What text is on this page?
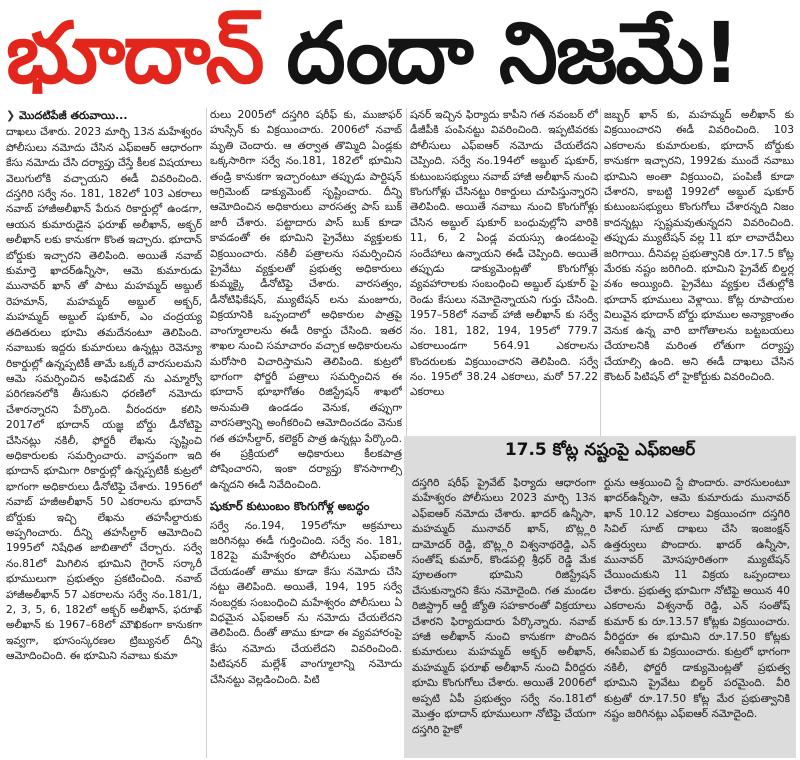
భూదాన్ దందా నిజమే!
❯ మొదటిపేజీ తరువాయి...

దాఖలు చేశారు. 2023 మార్చి 13న మహేశ్వరం పోలీసులు నమోదు చేసిన ఎఫ్ఐఆర్ ఆధారంగా కేసు నమోదు చేసి దర్యాప్తు చేస్తే కీలక విషయాలు వెలుగులోకి వచ్చాయని ఈడీ వివరించింది. దస్తగిరి సర్వే నం. 181, 182లో 103 ఎకరాలు నవాబ్ హాజీఅలీఖాన్ పేరున రికార్డుల్లో ఉండగా, ఆయన కుమారుడైన ఫరూఖ్ అలీఖాన్, అక్బర్ అలీఖాన్ లకు కానుకగా కొంత ఇచ్చారు. భూదాన్ బోర్డుకు ఇచ్చారని తెలిపింది. అయితే నవాబ్ కుమార్తె ఖాదర్ఉన్నీసా, ఆమె కుమారుడు మునావర్ ఖాన్ తో పాటు మహమ్మద్ అబ్దుల్ రెహమాన్, మహమ్మద్ అబ్దుల్ అక్బర్, మహమ్మద్ అబ్దుల్ షుకూర్, ఎం చంద్రయ్య తదితరులు భూమి తమదేనంటూ తెలిపింది. నవాబుకు ఇద్దరు కుమారులు ఉన్నట్లు రెవెన్యూ రికార్డుల్లో ఉన్నప్పటికీ తామే ఒక్కరే వారసులమని ఆమె సమర్పించిన అఫిడవిట్ ను ఎమ్మార్వో పరిగణనలోకి తీసుకుని ధరణిలో నమోదు చేశారన్నారని పేర్కొంది. వీరందరూ కలిసి 2017లో భూదాన్ యజ్ఞ బోర్డు డీనోటిఫై చేసినట్లు నకిలీ, ఫోర్జరీ లేఖను సృష్టించి అధికారులకు సమర్పించారు. వాస్తవంగా ఇది భూదాన్ భూమిగా రికార్డుల్లో ఉన్నప్పటికీ కుట్రలో భాగంగా అధికారులు డీనోటిఫై చేశారు. 1956లో నవాబ్ హజీఅలీఖాన్ 50 ఎకరాలను భూదాన్ బోర్డుకు ఇచ్చి లేఖను తహసీల్దారుకు అప్పగించారు. దీన్ని తహసీల్దార్ ఆమోదించి 1995లో నిషేధిత జాబితాలో చేర్చారు. సర్వే నం.81లో మిగిలిన భూమిని గైరాన్ సర్కారీ భూములుగా ప్రభుత్వం ప్రకటించింది. నవాబ్ హాజీఅలీఖాన్ 57 ఎకరాలను సర్వే నం.181/1, 2, 3, 5, 6, 182లో అక్బర్ అలీఖాన్, ఫరూఖ్ అలీఖాన్ కు 1967–68లో మౌఖికంగా కానుకగా ఇవ్వగా, భూసంస్కరణల ట్రిబ్యునల్ దీన్ని ఆమోదించింది. ఈ భూమిని నవాబు కుమా

రులు 2005లో దస్తగిరి షరీఫ్ కు, ముజాఫర్ హుస్సేన్ కు విక్రయించారు. 2006లో నవాబ్ మృతి చెందారు. ఆ తర్వాత తొమ్మిది ఏండ్లకు ఒక్కసారిగా సర్వే నం.181, 182లో భూమిని తండ్రి కానుకగా ఇచ్చారంటూ తప్పుడు పార్టిషన్ అగ్రిమెంట్ డాక్యుమెంట్ సృష్టించారు. దీన్ని ఆమోదించిన అధికారులు వారసత్వ పాస్ బుక్ జారీ చేశారు. పట్టాదారు పాస్ బుక్ కూడా కావడంతో ఈ భూమిని ప్రైవేటు వ్యక్తులకు విక్రయించారు. నకిలీ పత్రాలను సమర్పించిన ప్రైవేటు వ్యక్తులతో ప్రభుత్వ అధికారులు కుమ్మక్కై డీనోటిఫై చేశారు. వారసత్వం, డీనోటిఫికేషన్, మ్యుటేషన్ లను మంజూరు, విక్రయానికి ఒప్పందాలో అధికారుల పాత్రపై వాంగ్మూలాలను ఈడీ రికార్డు చేసింది. ఇతర శాఖల నుంచి సమాచారం వచ్చాక అధికారులను మరోసారి విచారిస్తామని తెలిపింది. కుట్రలో భాగంగా ఫోర్జరీ పత్రాలు సమర్పించిన ఈ భూదాన్ భూభాగోతం రిజిస్ట్రేషన్ శాఖలో అనుమతి ఉండడం వెనుక, తప్పుగా వారసత్వాన్ని అంగీకరించి ఆమోదించడం వెనుక గత తహసీల్దార్, కలెక్టర్ పాత్ర ఉన్నట్లు పేర్కొంది. ఈ ప్రక్రియలో అధికారులు కీలకపాత్ర పోషించారని, ఇంకా దర్యాప్తు కొనసాగాల్సి ఉన్నదని ఈడీ నివేదించింది.

షుకూర్ కుటుంబం కొంగుగోళ్ల అబద్ధం

సర్వే నం.194, 195లోనూ అక్రమాలు జరిగినట్లు ఈడీ గుర్తించింది. సర్వే నం. 181, 182పై మహేశ్వరం పోలీసులు ఎఫ్ఐఆర్ చేయడంతో తాము కూడా కేసు నమోదు చేసి నట్టు తెలిపింది. అయితే, 194, 195 సర్వే నంబర్లకు సంబంధించి మహేశ్వరం పోలీసులు ఏ విధమైన ఎఫ్ఐఆర్ ను నమోదు చేయలేదని తెలిపింది. దీంతో తాము కూడా ఈ వ్యవహారంపై కేసు నమోదు చేయలేదని వివరించింది. పిటిషనర్ మల్లేశ్ వాంగ్మూలాన్ని నమోదు చేసినట్టు వెల్లడించింది. పిటి

షనర్ ఇచ్చిన ఫిర్యాదు కాపీని గత నవంబర్ లో డీజీపీకి పంపినట్టు వివరించింది. ఇప్పటివరకు పోలీసులు ఎఫ్ఐఆర్ నమోదు చేయలేదని చెప్పింది. సర్వే నం.194లో అబ్దుల్ షుకూర్, కుటుంబసభ్యులు నవాబ్ హాజీ అలీఖాన్ నుంచి కొంగుగోళ్లు చేసినట్టు రికార్డులు చూపిస్తున్నారని తెలిపింది. అయితే నవాబు నుంచి కొంగుగోళ్లు చేసిన అబ్దుల్ షుకూర్ బంధువుల్లోని వారికి 11, 6, 2 ఏండ్ల వయస్సు ఉండటంపై సందేహాలు ఉన్నాయని ఈడీ చెప్పింది. అయితే తప్పుడు డాక్యుమెంట్లతో కొంగుగోళ్లు వ్యవహారాలకు సంబంధించి అబ్దుల్ షుకూర్ పై రెండు కేసులు నమోదైన్నాయని గుర్తు చేసింది. 1957–58లో నవాబ్ హాజీ అలీఖాన్ కు సర్వే నం. 181, 182, 194, 195లో 779.7 ఎకరాలుండగా 564.91 ఎకరాలను కొందరులకు విక్రయించారని తెలిపింది. సర్వే నం. 195లో 38.24 ఎకరాలు, మరో 57.22 ఎకరాలు

జబ్బర్ ఖాన్ కు, మహమ్మద్ అలీఖాన్ కు విక్రయించారని ఈడీ వివరించింది. 103 ఎకరాలను కుమారులకు, భూదాన్ బోర్డుకు కానుకగా ఇచ్చారని, 1992కు ముందే నవాబు భూమిని అంతా విక్రయించి, పంపిణీ కూడా చేశారని, కాబట్టి 1992లో అబ్దుల్ షుకూర్ కుటుంబసభ్యులు కొంగుగోలు చేశారన్నది నిజం కాదన్నట్లు స్పష్టమవుతున్నదని వివరించింది. తప్పుడు మ్యుటేషన్ వల్ల 11 భూ లావాదేవీలు జరిగాయి. దీనివల్ల ప్రభుత్వానికి రూ.17.5 కోట్ల మేరకు నష్టం జరిగింది. భూమిని ప్రైవేట్ బిల్డర్ల వశం అయ్యింది. ప్రైవేటు వ్యక్తుల చేతుల్లోకి భూదాన్ భూములు వెళ్లాయి. కోట్ల రూపాయల విలువైన భూదాన్ బోర్డు భూముల అన్యాక్రాంతం వెనుక ఉన్న వారి బాగోతాలను బట్టబయలు చేయాలనికి మరింత లోతుగా దర్యాప్తు చేయాల్సి ఉంది. అని ఈడీ దాఖలు చేసిన కౌంటర్ పిటిషన్ లో హైకోర్టుకు వివరించింది.

17.5 కోట్ల నష్టంపై ఎఫ్ఐఆర్

దస్తగిరి షరీఫ్ ప్రైవేట్ ఫిర్యాదు ఆధారంగా మహేశ్వరం పోలీసులు 2023 మార్చి 13న ఎఫ్ఐఆర్ నమోదు చేశారు. ఖాదర్ ఉన్నీసా, మహమ్మద్ మునావర్ ఖాన్, బొట్ల్లరి దామోదర్ రెడ్డి, బొట్ల్లరి విశ్వనాథరెడ్డి, ఎన్ సంతోష్ కుమార్, కొండపల్లి శ్రీధర్ రెడ్డి మేక పూలతంగా భూమిని రిజిస్ట్రేషన్ చేసుకున్నారని కేసు నమోదైంది. గత మండల రిజిస్ట్రార్ ఆర్డీ జ్యోతి సహకారంతో విక్రయాలు చేశారని ఫిర్యాదుదారు పేర్కొన్నారు. నవాబ్ హాజీ అలీఖాన్ నుంచి కానుకగా పొందిన కుమారులు మహమ్మద్ అక్బర్ అలీఖాన్, మహమ్మద్ ఫరూఖ్ అలీఖాన్ నుంచి వీరిద్దరు భూమి కొంగుగోలు చేశారు. అయితే 2006లో అప్పటి ఏపీ ప్రభుత్వం సర్వే నం.181లో మొత్తం భూదాన్ భూములుగా నోటిఫై చేయగా దస్తగిరి హైకో

ర్టును ఆశ్రయించి స్టే పొందారు. వారసులంటూ ఖాదర్ఉన్నీసా, ఆమె కుమారుడు మునావర్ ఖాన్ 10.12 ఎకరాలు విక్రయించగా దస్తగిరి సివిల్ సూట్ దాఖలు చేసి ఇంజంక్షన్ ఉత్తర్వులు పొందారు. ఖాదర్ ఉన్నీసా, మునావర్ మోసపూరితంగా మ్యుటేషన్ చేయించుకుని 11 విక్రయ ఒప్పందాలు చేశారు. ప్రభుత్వ భూమిగా నోటిఫై అయిన 40 ఎకరాలను విశ్వనాథ్ రెడ్డి, ఎన్ సంతోష్ కుమార్ కు రూ.13.57 కోట్లకు విక్రయించారు. వీరిద్దరూ ఈ భూమిని రూ.17.50 కోట్లకు ఈసీఐఎల్ కు విక్రయించారు. కుట్రలో భాగంగా నకిలీ, ఫోర్జరీ డాక్యుమెంట్లతో ప్రభుత్వ భూమిని ప్రైవేటు బిల్డర్ పరమైంది. వీరి కుట్రతో రూ.17.50 కోట్ల మేర ప్రభుత్వానికి నష్టం జరిగినట్లు ఎఫ్ఐఆర్ నమోదైంది.
